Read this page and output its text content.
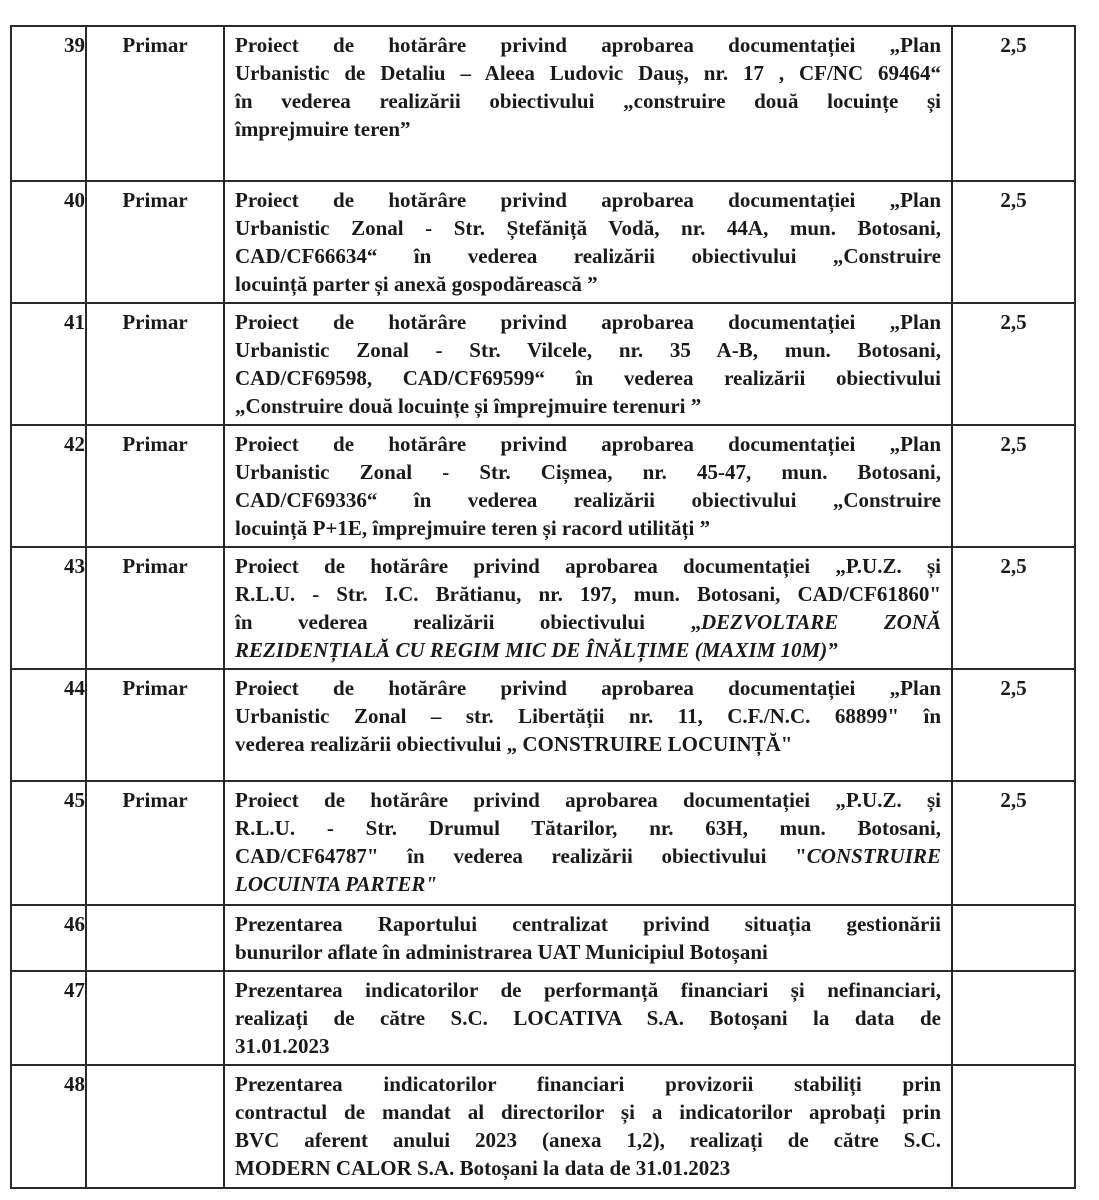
39	Primar	Proiect de hotărâre privind aprobarea documentației „Plan
Urbanistic de Detaliu – Aleea Ludovic Dauș, nr. 17 , CF/NC 69464“
în vederea realizării obiectivului „construire două locuințe și
împrejmuire teren”	2,5
40	Primar	Proiect de hotărâre privind aprobarea documentației „Plan
Urbanistic Zonal - Str. Ștefăniță Vodă, nr. 44A, mun. Botosani,
CAD/CF66634“ în vederea realizării obiectivului „Construire
locuință parter și anexă gospodărească ”	2,5
41	Primar	Proiect de hotărâre privind aprobarea documentației „Plan
Urbanistic Zonal - Str. Vilcele, nr. 35 A-B, mun. Botosani,
CAD/CF69598, CAD/CF69599“ în vederea realizării obiectivului
„Construire două locuințe și împrejmuire terenuri ”	2,5
42	Primar	Proiect de hotărâre privind aprobarea documentației „Plan
Urbanistic Zonal - Str. Cișmea, nr. 45-47, mun. Botosani,
CAD/CF69336“ în vederea realizării obiectivului „Construire
locuință P+1E, împrejmuire teren și racord utilități ”	2,5
43	Primar	Proiect de hotărâre privind aprobarea documentației „P.U.Z. și
R.L.U. - Str. I.C. Brătianu, nr. 197, mun. Botosani, CAD/CF61860"
în vederea realizării obiectivului „DEZVOLTARE ZONĂ
REZIDENȚIALĂ CU REGIM MIC DE ÎNĂLȚIME (MAXIM 10M)”	2,5
44	Primar	Proiect de hotărâre privind aprobarea documentației „Plan
Urbanistic Zonal – str. Libertății nr. 11, C.F./N.C. 68899" în
vederea realizării obiectivului „ CONSTRUIRE LOCUINȚĂ"	2,5
45	Primar	Proiect de hotărâre privind aprobarea documentației „P.U.Z. și
R.L.U. - Str. Drumul Tătarilor, nr. 63H, mun. Botosani,
CAD/CF64787" în vederea realizării obiectivului "CONSTRUIRE
LOCUINTA PARTER"	2,5
46		Prezentarea Raportului centralizat privind situația gestionării
bunurilor aflate în administrarea UAT Municipiul Botoșani	

47		Prezentarea indicatorilor de performanță financiari și nefinanciari,
realizați de către S.C. LOCATIVA S.A. Botoșani la data de
31.01.2023	

48		Prezentarea indicatorilor financiari provizorii stabiliți prin
contractul de mandat al directorilor și a indicatorilor aprobați prin
BVC aferent anului 2023 (anexa 1,2), realizați de către S.C.
MODERN CALOR S.A. Botoșani la data de 31.01.2023	
